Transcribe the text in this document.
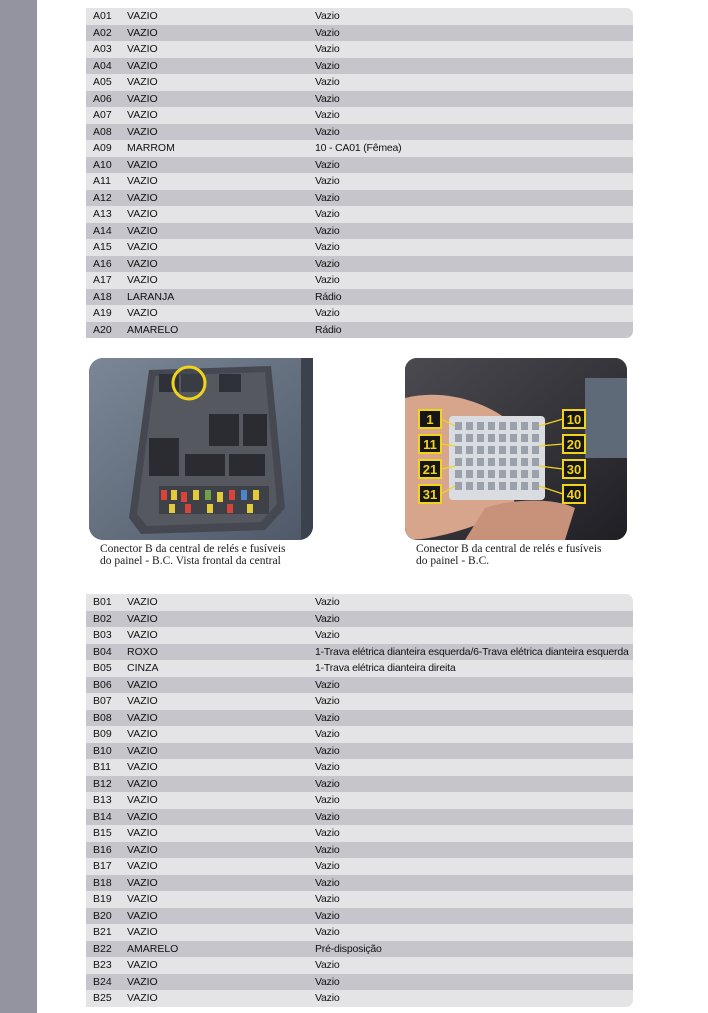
A01 VAZIO	Vazio
A02 VAZIO	Vazio
A03 VAZIO	Vazio
A04 VAZIO	Vazio
A05 VAZIO	Vazio
A06 VAZIO	Vazio
A07 VAZIO	Vazio
A08 VAZIO	Vazio
A09 MARROM	10 - CA01 (Fêmea)
A10 VAZIO	Vazio
A11 VAZIO	Vazio
A12 VAZIO	Vazio
A13 VAZIO	Vazio
A14 VAZIO	Vazio
A15 VAZIO	Vazio
A16 VAZIO	Vazio
A17 VAZIO	Vazio
A18 LARANJA	Rádio
A19 VAZIO	Vazio
A20 AMARELO	Rádio
Conector B da central de relés e fusíveis
do painel - B.C. Vista frontal da central
1
11
21
31
10
20
30
40
Conector B da central de relés e fusíveis
do painel - B.C.
B01 VAZIO	Vazio
B02 VAZIO	Vazio
B03 VAZIO	Vazio
B04 ROXO	1-Trava elétrica dianteira esquerda/6-Trava elétrica dianteira esquerda
B05 CINZA	1-Trava elétrica dianteira direita
B06 VAZIO	Vazio
B07 VAZIO	Vazio
B08 VAZIO	Vazio
B09 VAZIO	Vazio
B10 VAZIO	Vazio
B11 VAZIO	Vazio
B12 VAZIO	Vazio
B13 VAZIO	Vazio
B14 VAZIO	Vazio
B15 VAZIO	Vazio
B16 VAZIO	Vazio
B17 VAZIO	Vazio
B18 VAZIO	Vazio
B19 VAZIO	Vazio
B20 VAZIO	Vazio
B21 VAZIO	Vazio
B22 AMARELO	Pré-disposição
B23 VAZIO	Vazio
B24 VAZIO	Vazio
B25 VAZIO	Vazio
